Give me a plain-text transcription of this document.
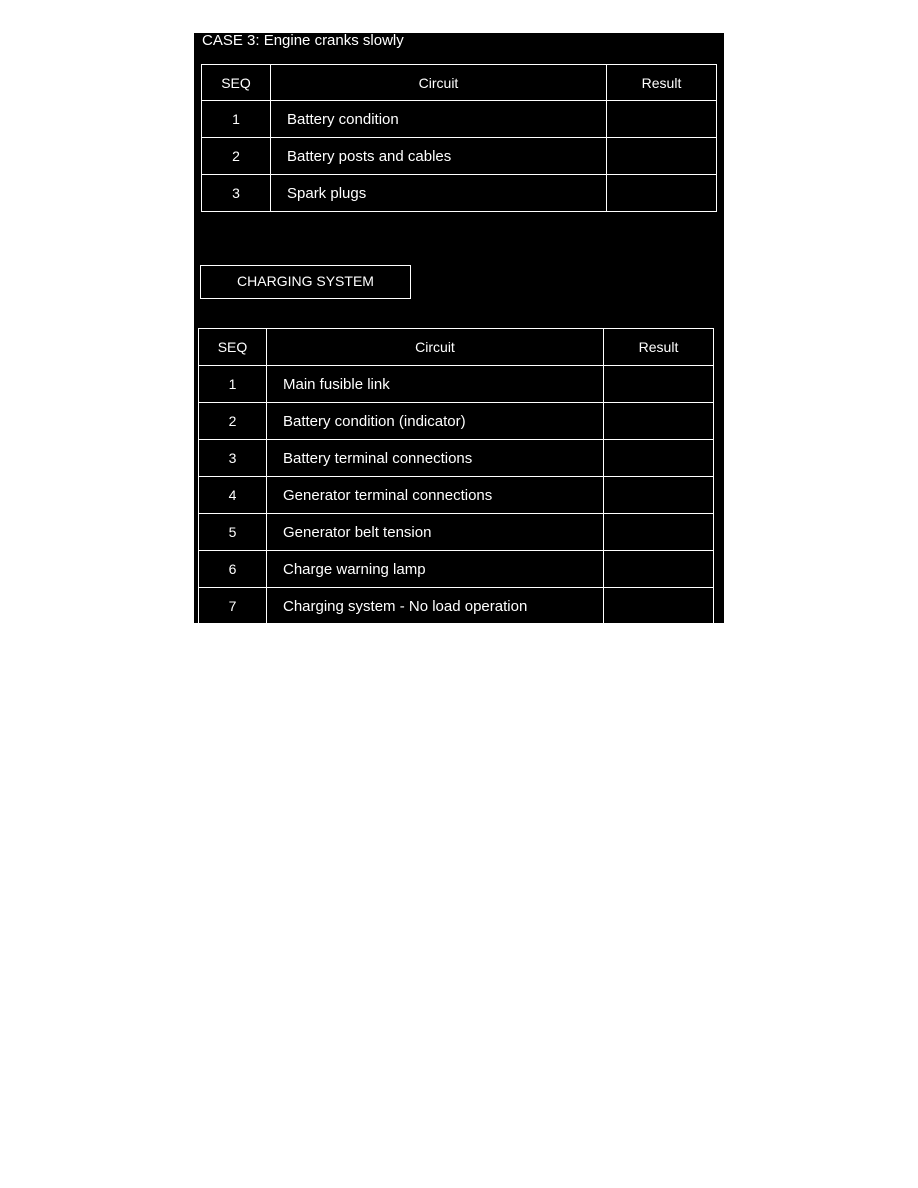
CASE 3: Engine cranks slowly
SEQ	Circuit	Result
1	Battery condition	
2	Battery posts and cables	
3	Spark plugs	
CHARGING SYSTEM
SEQ	Circuit	Result
1	Main fusible link	
2	Battery condition (indicator)	
3	Battery terminal connections	
4	Generator terminal connections	
5	Generator belt tension	
6	Charge warning lamp	
7	Charging system - No load operation	
